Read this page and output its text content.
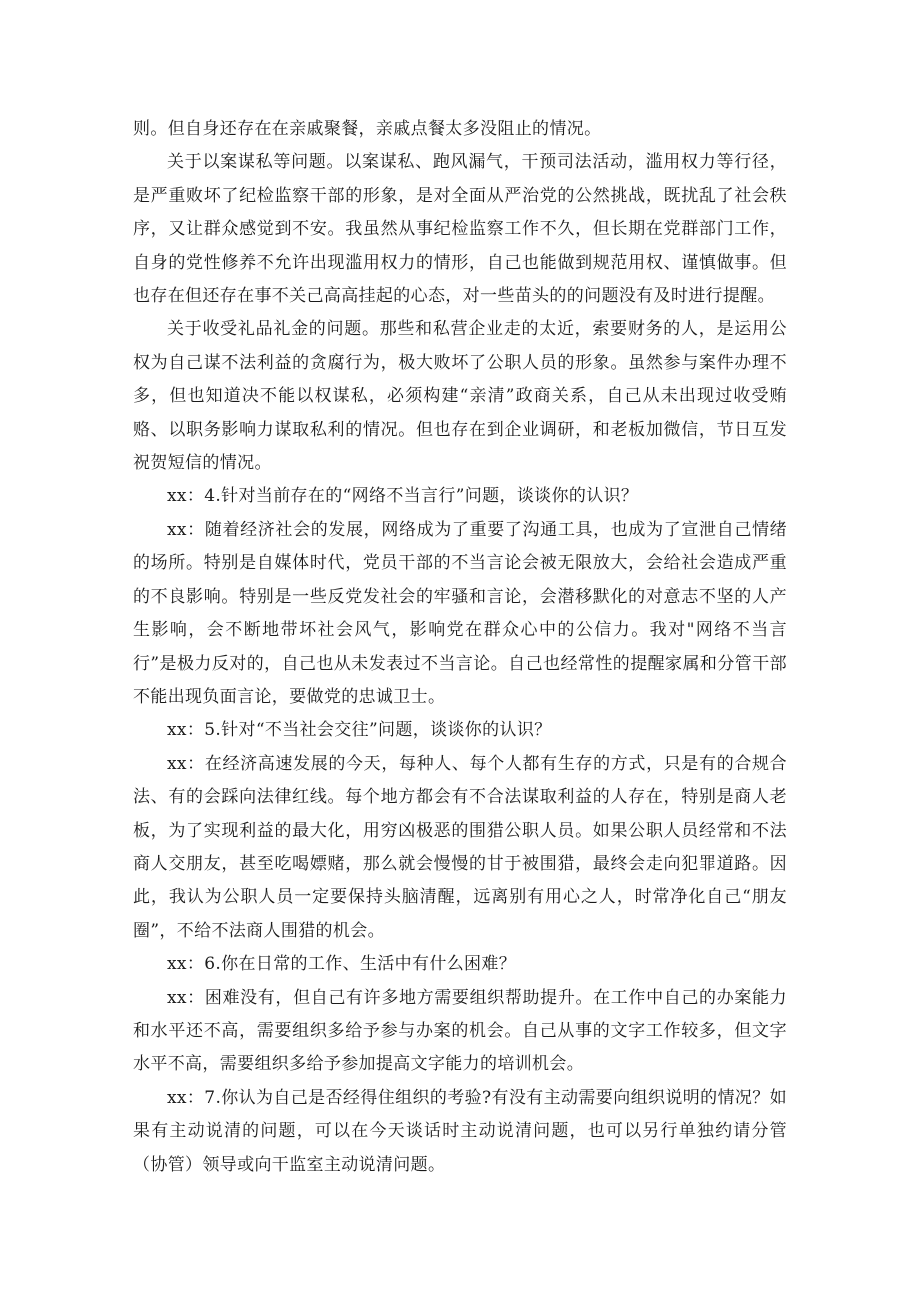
则。但自身还存在在亲戚聚餐，亲戚点餐太多没阻止的情况。

关于以案谋私等问题。以案谋私、跑风漏气，干预司法活动，滥用权力等行径，是严重败坏了纪检监察干部的形象，是对全面从严治党的公然挑战，既扰乱了社会秩序，又让群众感觉到不安。我虽然从事纪检监察工作不久，但长期在党群部门工作，自身的党性修养不允许出现滥用权力的情形，自己也能做到规范用权、谨慎做事。但也存在但还存在事不关己高高挂起的心态，对一些苗头的的问题没有及时进行提醒。

关于收受礼品礼金的问题。那些和私营企业走的太近，索要财务的人，是运用公权为自己谋不法利益的贪腐行为，极大败坏了公职人员的形象。虽然参与案件办理不多，但也知道决不能以权谋私，必须构建“亲清”政商关系，自己从未出现过收受贿赂、以职务影响力谋取私利的情况。但也存在到企业调研，和老板加微信，节日互发祝贺短信的情况。

xx：4.针对当前存在的“网络不当言行”问题，谈谈你的认识？

xx：随着经济社会的发展，网络成为了重要了沟通工具，也成为了宣泄自己情绪的场所。特别是自媒体时代，党员干部的不当言论会被无限放大，会给社会造成严重的不良影响。特别是一些反党发社会的牢骚和言论，会潜移默化的对意志不坚的人产生影响，会不断地带坏社会风气，影响党在群众心中的公信力。我对"网络不当言行”是极力反对的，自己也从未发表过不当言论。自己也经常性的提醒家属和分管干部不能出现负面言论，要做党的忠诚卫士。

xx：5.针对“不当社会交往”问题，谈谈你的认识？

xx：在经济高速发展的今天，每种人、每个人都有生存的方式，只是有的合规合法、有的会踩向法律红线。每个地方都会有不合法谋取利益的人存在，特别是商人老板，为了实现利益的最大化，用穷凶极恶的围猎公职人员。如果公职人员经常和不法商人交朋友，甚至吃喝嫖赌，那么就会慢慢的甘于被围猎，最终会走向犯罪道路。因此，我认为公职人员一定要保持头脑清醒，远离别有用心之人，时常净化自己“朋友圈”，不给不法商人围猎的机会。

xx：6.你在日常的工作、生活中有什么困难？

xx：困难没有，但自己有许多地方需要组织帮助提升。在工作中自己的办案能力和水平还不高，需要组织多给予参与办案的机会。自己从事的文字工作较多，但文字水平不高，需要组织多给予参加提高文字能力的培训机会。

xx：7.你认为自己是否经得住组织的考验?有没有主动需要向组织说明的情况？如果有主动说清的问题，可以在今天谈话时主动说清问题，也可以另行单独约请分管（协管）领导或向干监室主动说清问题。
